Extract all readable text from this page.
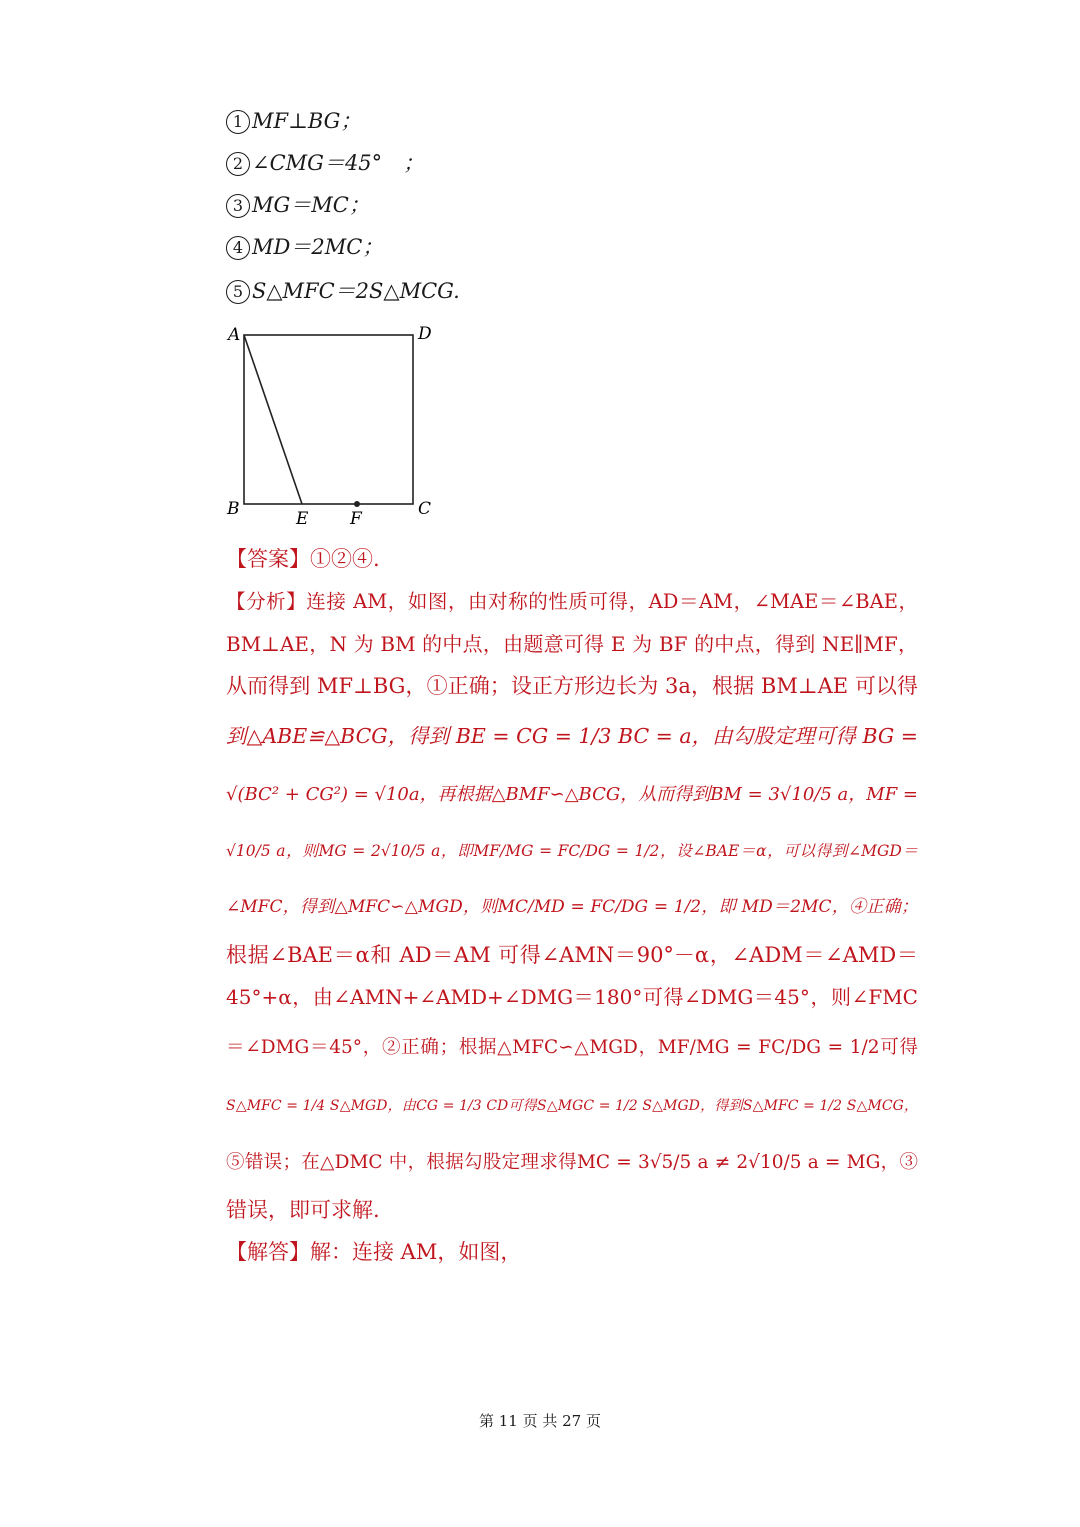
1 MF⊥BG；
2 ∠CMG＝45°　；
3 MG＝MC；
4 MD＝2MC；
5 S△MFC＝2S△MCG.
A	D
B	C
E F
【答案】①②④.
【分析】连接 AM，如图，由对称的性质可得，AD＝AM，∠MAE＝∠BAE，
BM⊥AE，N 为 BM 的中点，由题意可得 E 为 BF 的中点，得到 NE∥MF，
从而得到 MF⊥BG，①正确；设正方形边长为 3a，根据 BM⊥AE 可以得
到△ABE≌△BCG，得到 BE = CG = 1/3 BC = a，由勾股定理可得 BG =
√(BC² + CG²) = √10a，再根据△BMF∽△BCG，从而得到BM = 3√10/5 a，MF =
√10/5 a，则MG = 2√10/5 a，即MF/MG = FC/DG = 1/2，设∠BAE＝α，可以得到∠MGD＝
∠MFC，得到△MFC∽△MGD，则MC/MD = FC/DG = 1/2，即 MD＝2MC，④正确；
根据∠BAE＝α和 AD＝AM 可得∠AMN＝90°－α，∠ADM＝∠AMD＝
45°+α，由∠AMN+∠AMD+∠DMG＝180°可得∠DMG＝45°，则∠FMC
＝∠DMG＝45°，②正确；根据△MFC∽△MGD，MF/MG = FC/DG = 1/2可得
S△MFC = 1/4 S△MGD，由CG = 1/3 CD可得S△MGC = 1/2 S△MGD，得到S△MFC = 1/2 S△MCG，
⑤错误；在△DMC 中，根据勾股定理求得MC = 3√5/5 a ≠ 2√10/5 a = MG，③
错误，即可求解.
【解答】解：连接 AM，如图，
第 11 页 共 27 页
